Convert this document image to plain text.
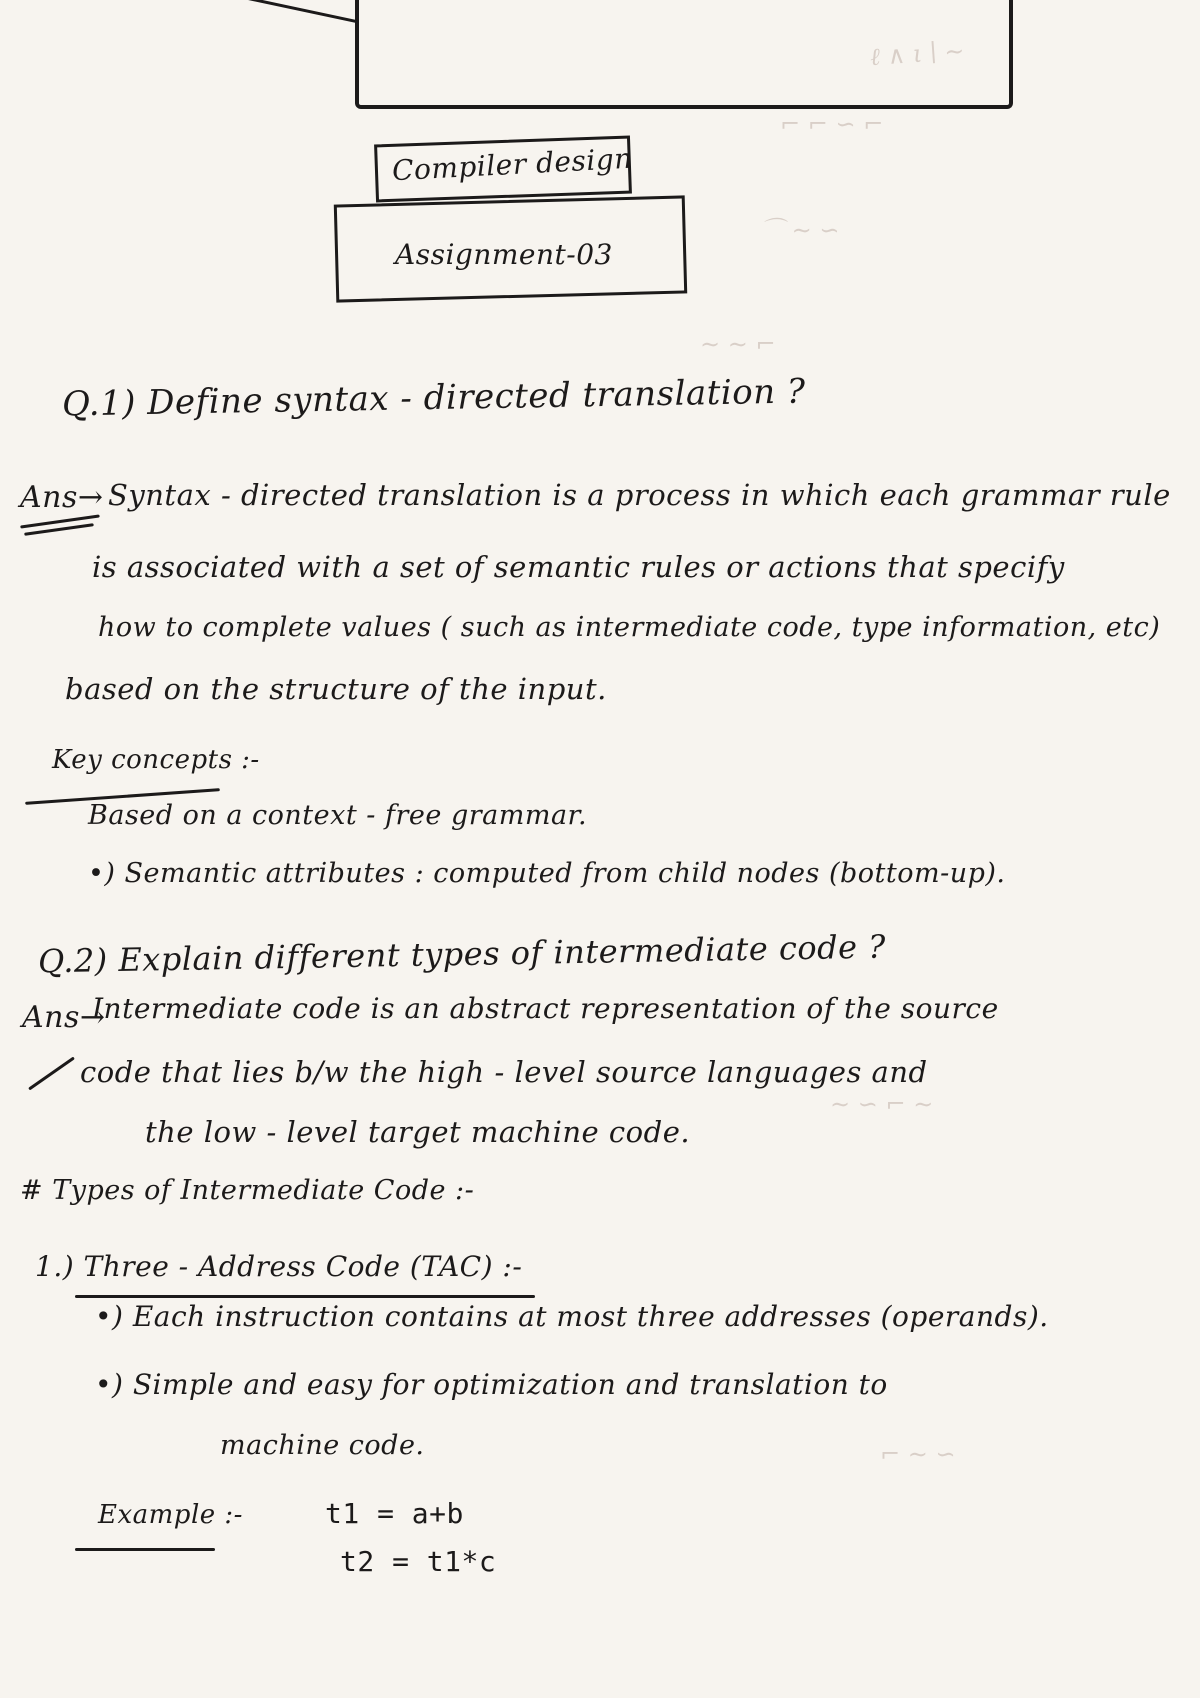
ℓ ∧ ι ∣ ∼
⌐ ⌐ ∽ ⌐
⌒ ∼ ∽
∼ ∼ ⌐
∼ ∽ ⌐ ∼
⌐ ∼ ∽
Compiler design
Assignment-03
Q.1) Define syntax - directed translation ?
Ans→ Syntax - directed translation is a process in which each grammar rule
is associated with a set of semantic rules or actions that specify
how to complete values ( such as intermediate code, type information, etc)
based on the structure of the input.
Key concepts :-
Based on a context - free grammar.
•) Semantic attributes : computed from child nodes (bottom-up).
Q.2) Explain different types of intermediate code ?
Ans→
Intermediate code is an abstract representation of the source
code that lies b/w the high - level source languages and
the low - level target machine code.
# Types of Intermediate Code :-
1.) Three - Address Code (TAC) :-
•) Each instruction contains at most three addresses (operands).
•) Simple and easy for optimization and translation to
machine code.
Example :-	t1 = a+b
t2 = t1*c
